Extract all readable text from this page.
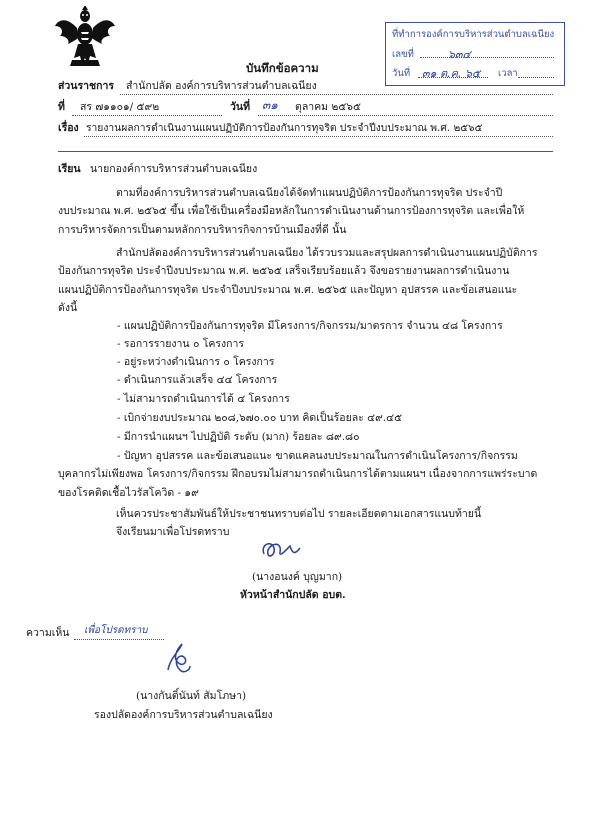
ที่ทำการองค์การบริหารส่วนตำบลเฉนียง
เลขที่	๖๓๔
วันที่ ๓๑ ต.ค. ๖๕ เวลา
บันทึกข้อความ
ส่วนราชการ สำนักปลัด องค์การบริหารส่วนตำบลเฉนียง
ที่ สร ๗๑๑๐๑/ ๕๙๒	วันที่ ๓๑ ตุลาคม ๒๕๖๕
เรื่อง รายงานผลการดำเนินงานแผนปฏิบัติการป้องกันการทุจริต ประจำปีงบประมาณ พ.ศ. ๒๕๖๕
เรียน นายกองค์การบริหารส่วนตำบลเฉนียง
ตามที่องค์การบริหารส่วนตำบลเฉนียงได้จัดทำแผนปฏิบัติการป้องกันการทุจริต ประจำปี
งบประมาณ พ.ศ. ๒๕๖๕ ขึ้น เพื่อใช้เป็นเครื่องมือหลักในการดำเนินงานด้านการป้องการทุจริต และเพื่อให้
การบริหารจัดการเป็นตามหลักการบริหารกิจการบ้านเมืองที่ดี นั้น
สำนักปลัดองค์การบริหารส่วนตำบลเฉนียง ได้รวบรวมและสรุปผลการดำเนินงานแผนปฏิบัติการ
ป้องกันการทุจริต ประจำปีงบประมาณ พ.ศ. ๒๕๖๕ เสร็จเรียบร้อยแล้ว จึงขอรายงานผลการดำเนินงาน
แผนปฏิบัติการป้องกันการทุจริต ประจำปีงบประมาณ พ.ศ. ๒๕๖๕ และปัญหา อุปสรรค และข้อเสนอแนะ
ดังนี้
- แผนปฏิบัติการป้องกันการทุจริต มีโครงการ/กิจกรรม/มาตรการ จำนวน ๔๘ โครงการ
- รอการรายงาน ๐ โครงการ
- อยู่ระหว่างดำเนินการ ๐ โครงการ
- ดำเนินการแล้วเสร็จ ๔๔ โครงการ
- ไม่สามารถดำเนินการได้ ๔ โครงการ
- เบิกจ่ายงบประมาณ ๒๐๘,๖๗๐.๐๐ บาท คิดเป็นร้อยละ ๔๙.๔๕
- มีการนำแผนฯ ไปปฏิบัติ ระดับ (มาก) ร้อยละ ๘๙.๘๐
- ปัญหา อุปสรรค และข้อเสนอแนะ ขาดแคลนงบประมาณในการดำเนินโครงการ/กิจกรรม
บุคลากรไม่เพียงพอ โครงการ/กิจกรรม ฝึกอบรมไม่สามารถดำเนินการได้ตามแผนฯ เนื่องจากการแพร่ระบาด
ของโรคติดเชื้อไวรัสโควิด - ๑๙
เห็นควรประชาสัมพันธ์ให้ประชาชนทราบต่อไป รายละเอียดตามเอกสารแนบท้ายนี้
จึงเรียนมาเพื่อโปรดทราบ
(นางอนงค์ บุญมาก)
หัวหน้าสำนักปลัด อบต.
ความเห็น เพื่อโปรดทราบ
(นางกันติ์นันท์ สัมโภษา)
รองปลัดองค์การบริหารส่วนตำบลเฉนียง
